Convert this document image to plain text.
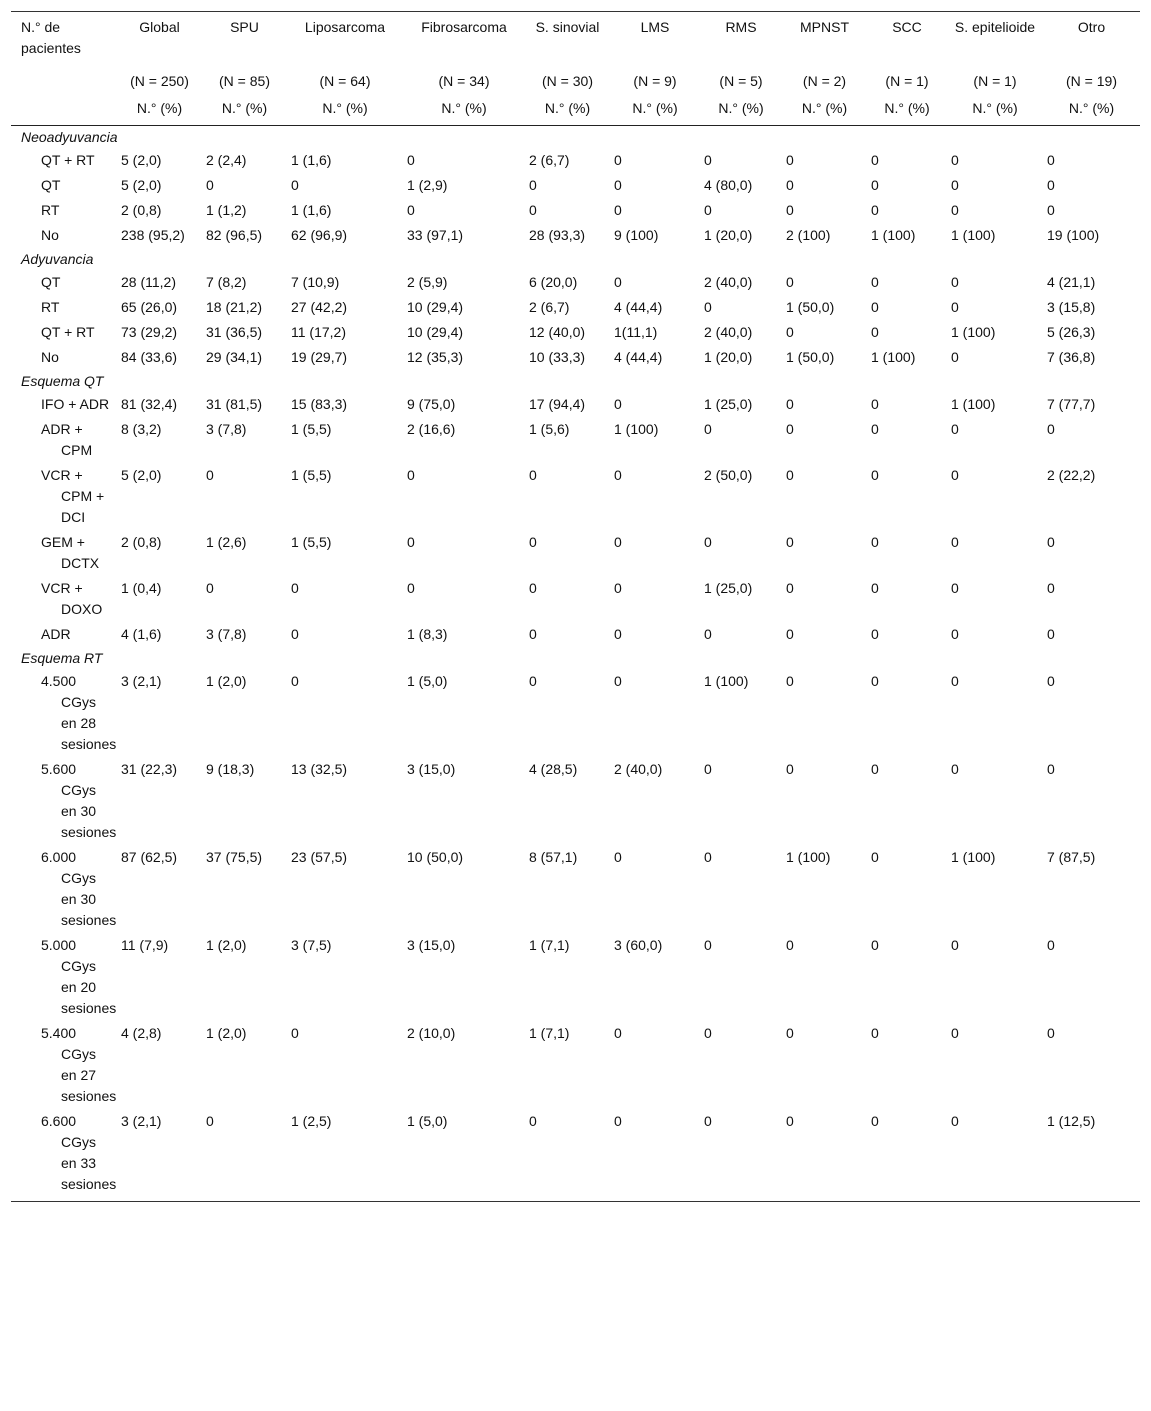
N.° de pacientes	Global	SPU	Liposarcoma	Fibrosarcoma	S. sinovial	LMS	RMS	MPNST	SCC	S. epitelioide	Otro
	(N = 250)	(N = 85)	(N = 64)	(N = 34)	(N = 30)	(N = 9)	(N = 5)	(N = 2)	(N = 1)	(N = 1)	(N = 19)
	N.° (%)	N.° (%)	N.° (%)	N.° (%)	N.° (%)	N.° (%)	N.° (%)	N.° (%)	N.° (%)	N.° (%)	N.° (%)
Neoadyuvancia											

QT + RT	5 (2,0)	2 (2,4)	1 (1,6)	0	2 (6,7)	0	0	0	0	0	0

QT	5 (2,0)	0	0	1 (2,9)	0	0	4 (80,0)	0	0	0	0

RT	2 (0,8)	1 (1,2)	1 (1,6)	0	0	0	0	0	0	0	0

No	238 (95,2)	82 (96,5)	62 (96,9)	33 (97,1)	28 (93,3)	9 (100)	1 (20,0)	2 (100)	1 (100)	1 (100)	19 (100)
Adyuvancia											

QT	28 (11,2)	7 (8,2)	7 (10,9)	2 (5,9)	6 (20,0)	0	2 (40,0)	0	0	0	4 (21,1)

RT	65 (26,0)	18 (21,2)	27 (42,2)	10 (29,4)	2 (6,7)	4 (44,4)	0	1 (50,0)	0	0	3 (15,8)

QT + RT	73 (29,2)	31 (36,5)	11 (17,2)	10 (29,4)	12 (40,0)	1(11,1)	2 (40,0)	0	0	1 (100)	5 (26,3)

No	84 (33,6)	29 (34,1)	19 (29,7)	12 (35,3)	10 (33,3)	4 (44,4)	1 (20,0)	1 (50,0)	1 (100)	0	7 (36,8)
Esquema QT											

IFO + ADR	81 (32,4)	31 (81,5)	15 (83,3)	9 (75,0)	17 (94,4)	0	1 (25,0)	0	0	1 (100)	7 (77,7)

ADR + CPM	8 (3,2)	3 (7,8)	1 (5,5)	2 (16,6)	1 (5,6)	1 (100)	0	0	0	0	0

VCR + CPM + DCI	5 (2,0)	0	1 (5,5)	0	0	0	2 (50,0)	0	0	0	2 (22,2)

GEM + DCTX	2 (0,8)	1 (2,6)	1 (5,5)	0	0	0	0	0	0	0	0

VCR + DOXO	1 (0,4)	0	0	0	0	0	1 (25,0)	0	0	0	0

ADR	4 (1,6)	3 (7,8)	0	1 (8,3)	0	0	0	0	0	0	0
Esquema RT											

4.500 CGys en 28 sesiones	3 (2,1)	1 (2,0)	0	1 (5,0)	0	0	1 (100)	0	0	0	0

5.600 CGys en 30 sesiones	31 (22,3)	9 (18,3)	13 (32,5)	3 (15,0)	4 (28,5)	2 (40,0)	0	0	0	0	0

6.000 CGys en 30 sesiones	87 (62,5)	37 (75,5)	23 (57,5)	10 (50,0)	8 (57,1)	0	0	1 (100)	0	1 (100)	7 (87,5)

5.000 CGys en 20 sesiones	11 (7,9)	1 (2,0)	3 (7,5)	3 (15,0)	1 (7,1)	3 (60,0)	0	0	0	0	0

5.400 CGys en 27 sesiones	4 (2,8)	1 (2,0)	0	2 (10,0)	1 (7,1)	0	0	0	0	0	0

6.600 CGys en 33 sesiones	3 (2,1)	0	1 (2,5)	1 (5,0)	0	0	0	0	0	0	1 (12,5)
